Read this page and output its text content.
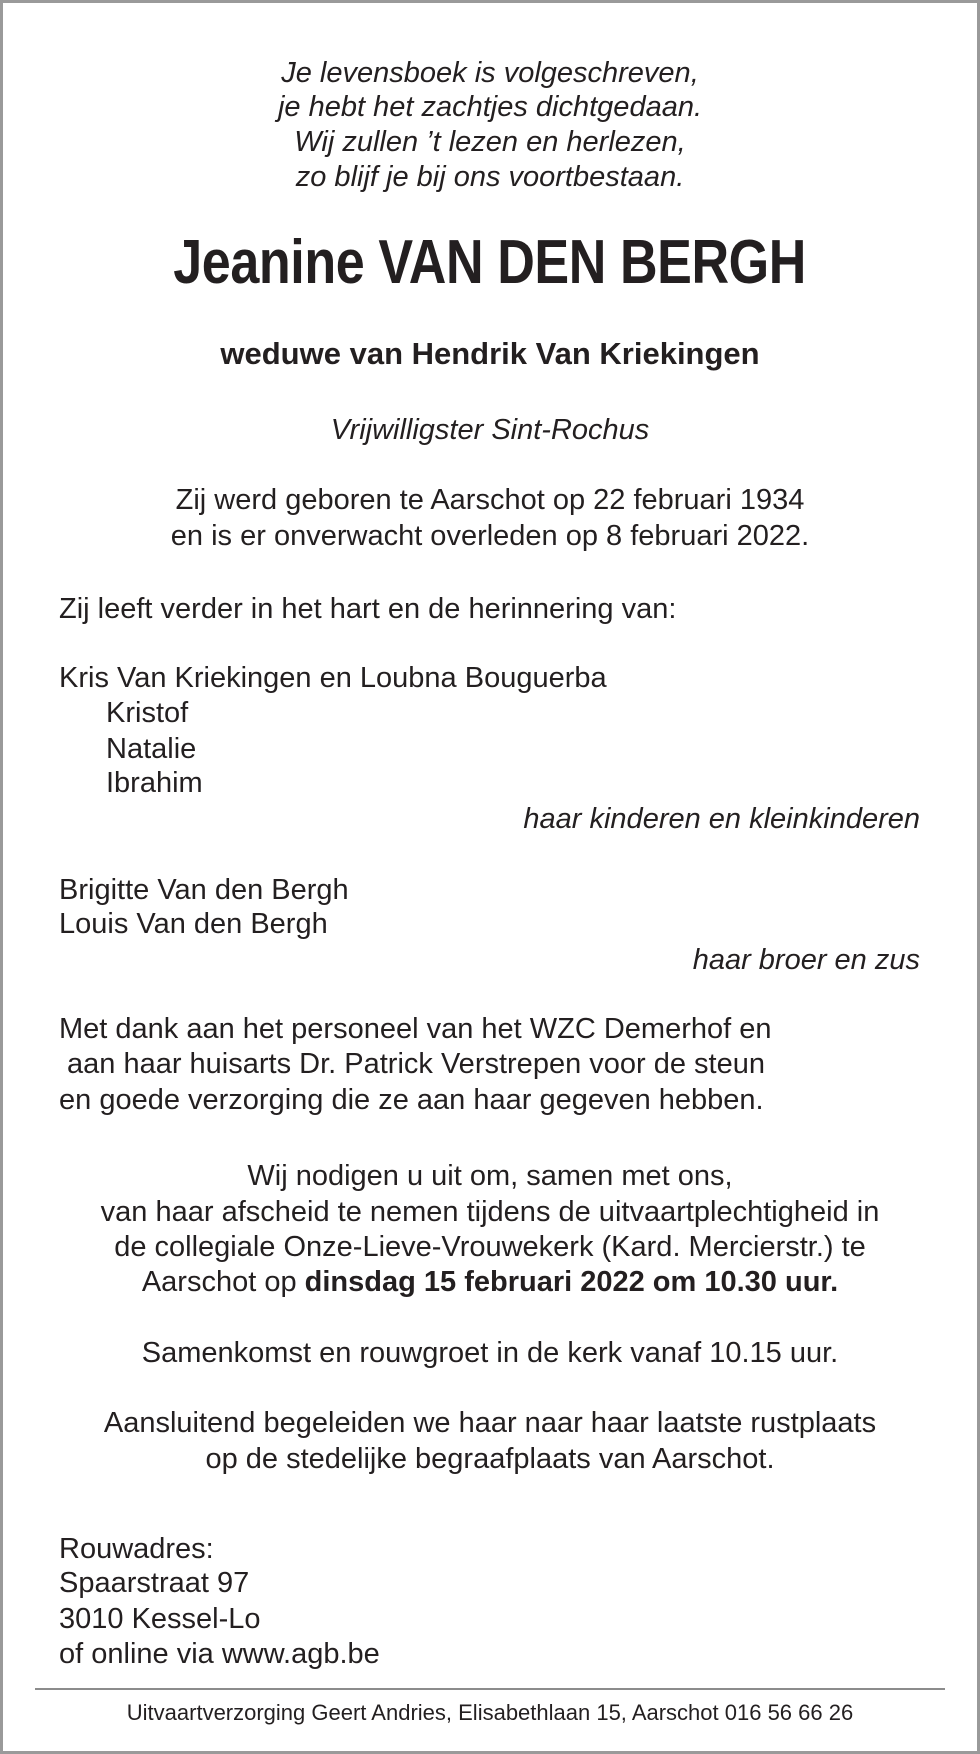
Je levensboek is volgeschreven,
je hebt het zachtjes dichtgedaan.
Wij zullen ’t lezen en herlezen,
zo blijf je bij ons voortbestaan.
Jeanine VAN DEN BERGH
weduwe van Hendrik Van Kriekingen
Vrijwilligster Sint-Rochus
Zij werd geboren te Aarschot op 22 februari 1934
en is er onverwacht overleden op 8 februari 2022.
Zij leeft verder in het hart en de herinnering van:
Kris Van Kriekingen en Loubna Bouguerba
Kristof
Natalie
Ibrahim
haar kinderen en kleinkinderen
Brigitte Van den Bergh
Louis Van den Bergh
haar broer en zus
Met dank aan het personeel van het WZC Demerhof en
aan haar huisarts Dr. Patrick Verstrepen voor de steun
en goede verzorging die ze aan haar gegeven hebben.
Wij nodigen u uit om, samen met ons,
van haar afscheid te nemen tijdens de uitvaartplechtigheid in
de collegiale Onze-Lieve-Vrouwekerk (Kard. Mercierstr.) te
Aarschot op dinsdag 15 februari 2022 om 10.30 uur.
Samenkomst en rouwgroet in de kerk vanaf 10.15 uur.
Aansluitend begeleiden we haar naar haar laatste rustplaats
op de stedelijke begraafplaats van Aarschot.
Rouwadres:
Spaarstraat 97
3010 Kessel-Lo
of online via www.agb.be
Uitvaartverzorging Geert Andries, Elisabethlaan 15, Aarschot 016 56 66 26
